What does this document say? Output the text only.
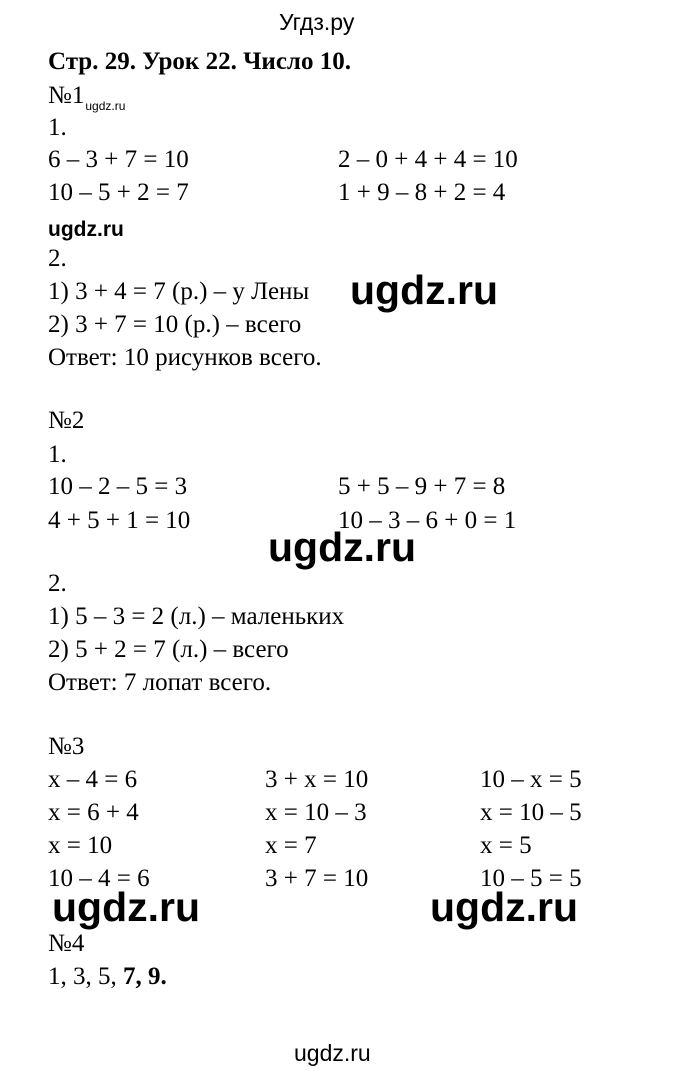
Угдз.ру
Стр. 29. Урок 22. Число 10.
$№1_{ugdz.ru}$
1.
6 – 3 + 7 = 10
10 – 5 + 2 = 7
2 – 0 + 4 + 4 = 10
1 + 9 – 8 + 2 = 4
ugdz.ru
2.
1) 3 + 4 = 7 (р.) – у Лены
2) 3 + 7 = 10 (р.) – всего
Ответ: 10 рисунков всего.
ugdz.ru
№2
1.
10 – 2 – 5 = 3
4 + 5 + 1 = 10
5 + 5 – 9 + 7 = 8
10 – 3 – 6 + 0 = 1
ugdz.ru
2.
1) 5 – 3 = 2 (л.) – маленьких
2) 5 + 2 = 7 (л.) – всего
Ответ: 7 лопат всего.
№3
x – 4 = 6
x = 6 + 4
x = 10
10 – 4 = 6
3 + x = 10
x = 10 – 3
x = 7
3 + 7 = 10
10 – x = 5
x = 10 – 5
x = 5
10 – 5 = 5
ugdz.ru	ugdz.ru
№4
1, 3, 5, 7, 9.
ugdz.ru
